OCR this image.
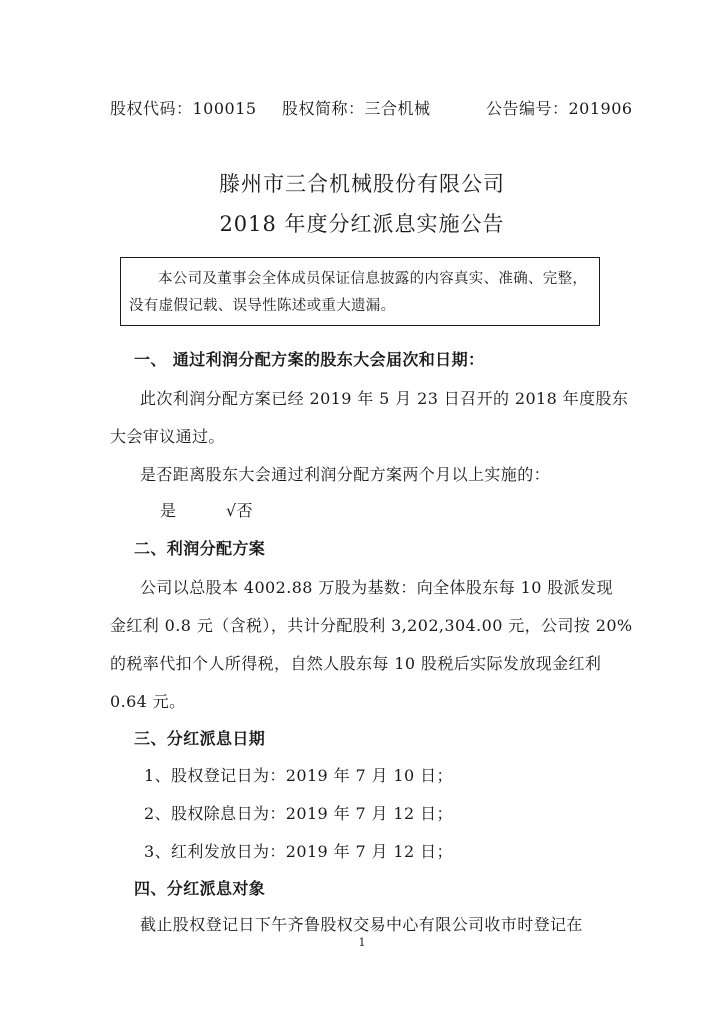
股权代码：100015 股权简称：三合机械	公告编号：201906
滕州市三合机械股份有限公司
2018 年度分红派息实施公告
本公司及董事会全体成员保证信息披露的内容真实、准确、完整，没有虚假记载、误导性陈述或重大遗漏。
一、 通过利润分配方案的股东大会届次和日期：
此次利润分配方案已经 2019 年 5 月 23 日召开的 2018 年度股东
大会审议通过。
是否距离股东大会通过利润分配方案两个月以上实施的：
是	√否
二、利润分配方案
公司以总股本 4002.88 万股为基数：向全体股东每 10 股派发现
金红利 0.8 元（含税），共计分配股利 3,202,304.00 元，公司按 20%
的税率代扣个人所得税，自然人股东每 10 股税后实际发放现金红利
0.64 元。
三、分红派息日期
1、股权登记日为：2019 年 7 月 10 日；
2、股权除息日为：2019 年 7 月 12 日；
3、红利发放日为：2019 年 7 月 12 日；
四、分红派息对象
截止股权登记日下午齐鲁股权交易中心有限公司收市时登记在
1
